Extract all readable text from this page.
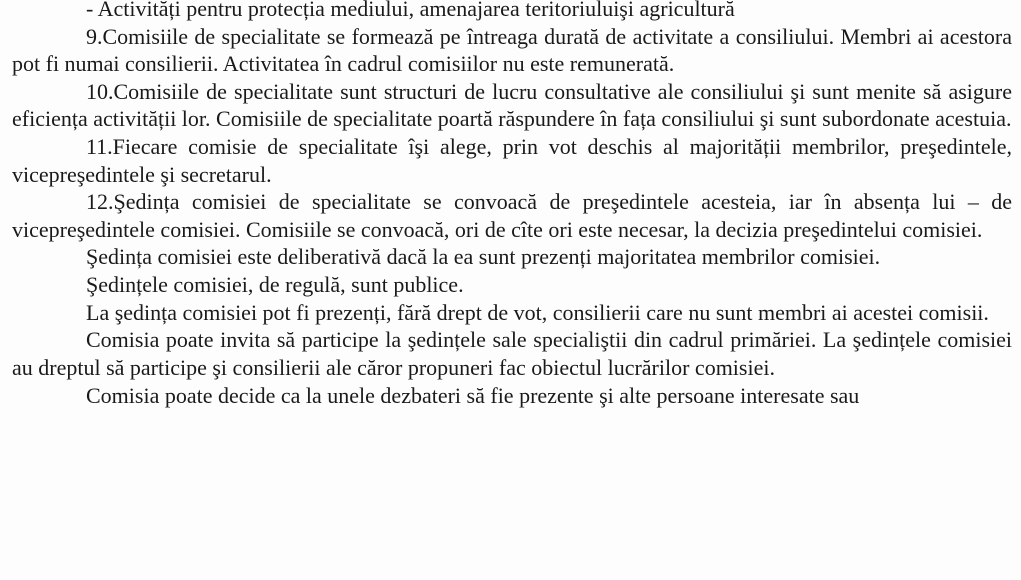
- Activități pentru protecția mediului, amenajarea teritoriuluişi agricultură

9.Comisiile de specialitate se formează pe întreaga durată de activitate a consiliului. Membri ai acestora pot fi numai consilierii. Activitatea în cadrul comisiilor nu este remunerată.

10.Comisiile de specialitate sunt structuri de lucru consultative ale consiliului şi sunt menite să asigure eficiența activității lor. Comisiile de specialitate poartă răspundere în fața consiliului şi sunt subordonate acestuia.

11.Fiecare comisie de specialitate îşi alege, prin vot deschis al majorității membrilor, preşedintele, vicepreşedintele şi secretarul.

12.Şedința comisiei de specialitate se convoacă de preşedintele acesteia, iar în absența lui – de vicepreşedintele comisiei. Comisiile se convoacă, ori de cîte ori este necesar, la decizia preşedintelui comisiei.

Şedința comisiei este deliberativă dacă la ea sunt prezenți majoritatea membrilor comisiei.

Şedințele comisiei, de regulă, sunt publice.

La şedința comisiei pot fi prezenți, fără drept de vot, consilierii care nu sunt membri ai acestei comisii.

Comisia poate invita să participe la şedințele sale specialiştii din cadrul primăriei. La şedințele comisiei au dreptul să participe şi consilierii ale căror propuneri fac obiectul lucrărilor comisiei.

Comisia poate decide ca la unele dezbateri să fie prezente şi alte persoane interesate sau
